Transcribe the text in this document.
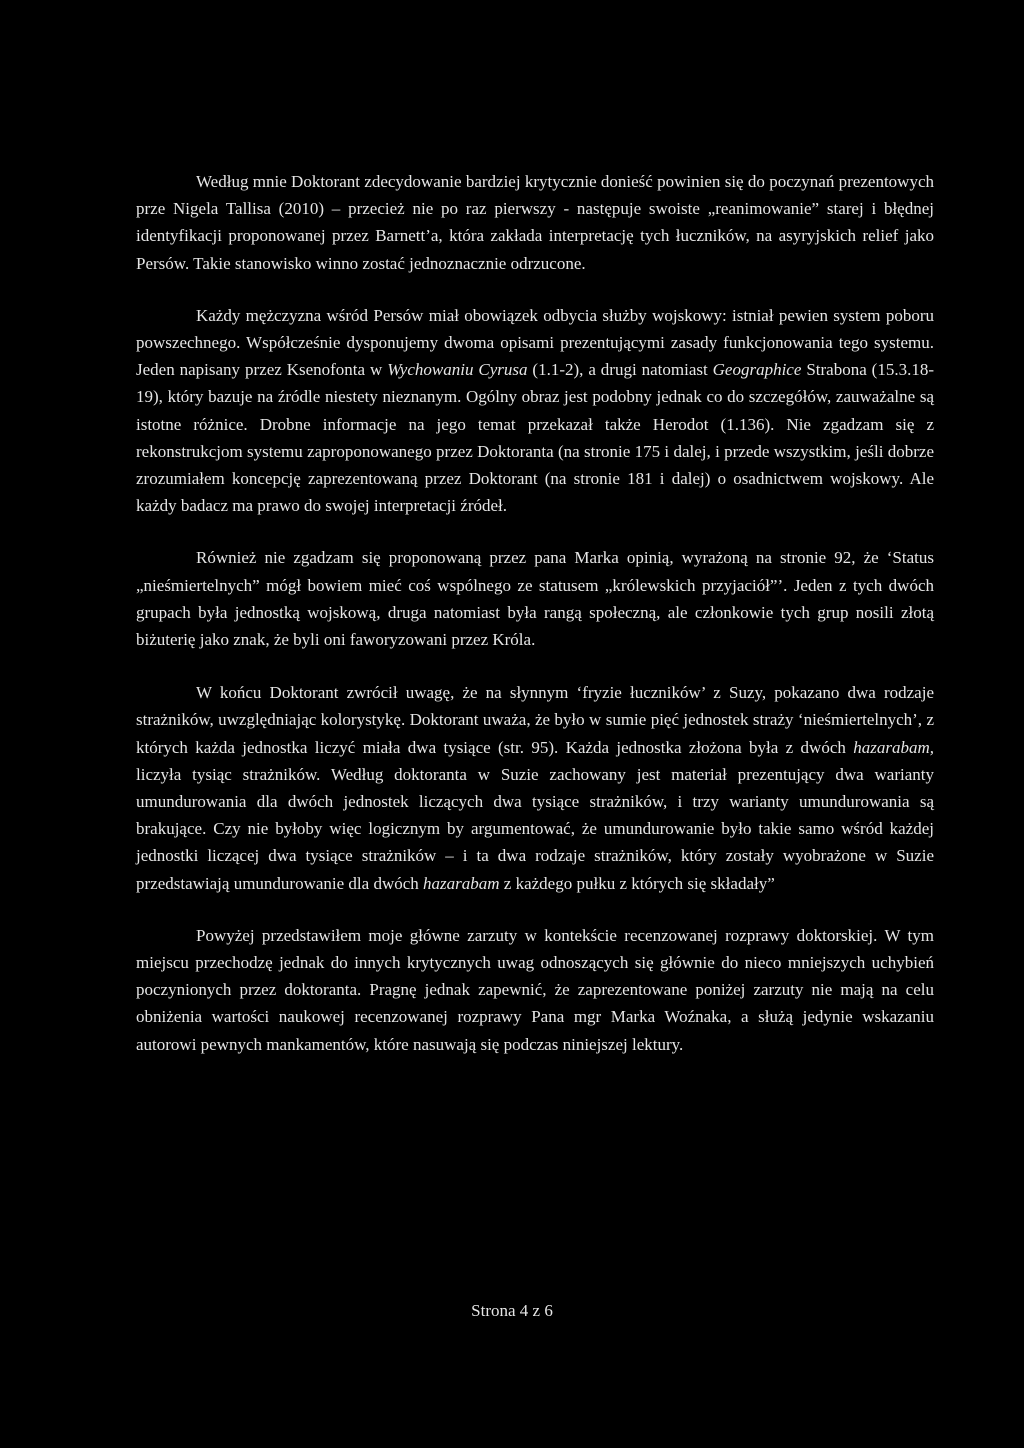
Według mnie Doktorant zdecydowanie bardziej krytycznie donieść powinien się do poczynań prezentowych prze Nigela Tallisa (2010) – przecież nie po raz pierwszy - następuje swoiste „reanimowanie” starej i błędnej identyfikacji proponowanej przez Barnett’a, która zakłada interpretację tych łuczników, na asyryjskich relief jako Persów. Takie stanowisko winno zostać jednoznacznie odrzucone.

Każdy mężczyzna wśród Persów miał obowiązek odbycia służby wojskowy: istniał pewien system poboru powszechnego. Współcześnie dysponujemy dwoma opisami prezentującymi zasady funkcjonowania tego systemu. Jeden napisany przez Ksenofonta w Wychowaniu Cyrusa (1.1-2), a drugi natomiast Geographice Strabona (15.3.18-19), który bazuje na źródle niestety nieznanym. Ogólny obraz jest podobny jednak co do szczegółów, zauważalne są istotne różnice. Drobne informacje na jego temat przekazał także Herodot (1.136). Nie zgadzam się z rekonstrukcjom systemu zaproponowanego przez Doktoranta (na stronie 175 i dalej, i przede wszystkim, jeśli dobrze zrozumiałem koncepcję zaprezentowaną przez Doktorant (na stronie 181 i dalej) o osadnictwem wojskowy. Ale każdy badacz ma prawo do swojej interpretacji źródeł.

Również nie zgadzam się proponowaną przez pana Marka opinią, wyrażoną na stronie 92, że ‘Status „nieśmiertelnych” mógł bowiem mieć coś wspólnego ze statusem „królewskich przyjaciół”’. Jeden z tych dwóch grupach była jednostką wojskową, druga natomiast była rangą społeczną, ale członkowie tych grup nosili złotą biżuterię jako znak, że byli oni faworyzowani przez Króla.

W końcu Doktorant zwrócił uwagę, że na słynnym ‘fryzie łuczników’ z Suzy, pokazano dwa rodzaje strażników, uwzględniając kolorystykę. Doktorant uważa, że było w sumie pięć jednostek straży ‘nieśmiertelnych’, z których każda jednostka liczyć miała dwa tysiące (str. 95). Każda jednostka złożona była z dwóch hazarabam, liczyła tysiąc strażników. Według doktoranta w Suzie zachowany jest materiał prezentujący dwa warianty umundurowania dla dwóch jednostek liczących dwa tysiące strażników, i trzy warianty umundurowania są brakujące. Czy nie byłoby więc logicznym by argumentować, że umundurowanie było takie samo wśród każdej jednostki liczącej dwa tysiące strażników – i ta dwa rodzaje strażników, który zostały wyobrażone w Suzie przedstawiają umundurowanie dla dwóch hazarabam z każdego pułku z których się składały”

Powyżej przedstawiłem moje główne zarzuty w kontekście recenzowanej rozprawy doktorskiej. W tym miejscu przechodzę jednak do innych krytycznych uwag odnoszących się głównie do nieco mniejszych uchybień poczynionych przez doktoranta. Pragnę jednak zapewnić, że zaprezentowane poniżej zarzuty nie mają na celu obniżenia wartości naukowej recenzowanej rozprawy Pana mgr Marka Woźnaka, a służą jedynie wskazaniu autorowi pewnych mankamentów, które nasuwają się podczas niniejszej lektury.

Strona 4 z 6
